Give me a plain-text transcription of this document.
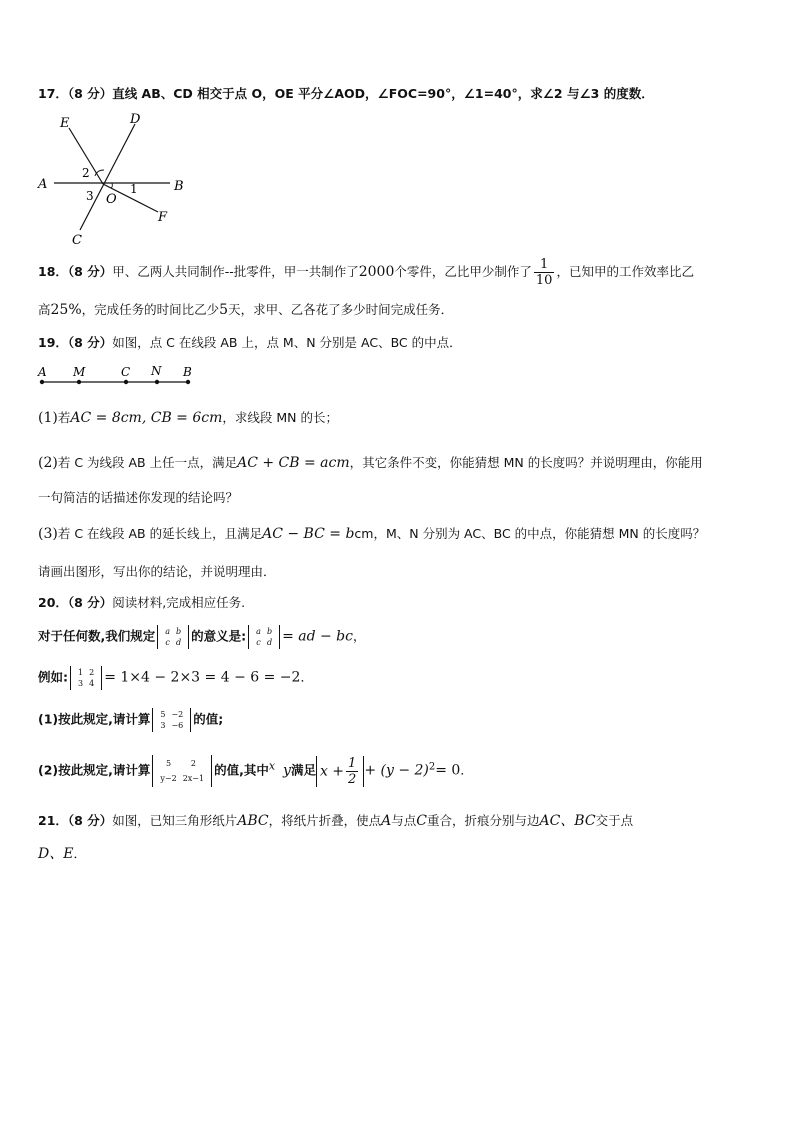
17．（8 分）直线 AB、CD 相交于点 O，OE 平分∠AOD，∠FOC=90°，∠1=40°，求∠2 与∠3 的度数．
E	D
A	B
O
F
C
1
2
3
18．（8 分）甲、乙两人共同制作--批零件，甲一共制作了2000个零件，乙比甲少制作了 $\frac{1}{10}$ ，已知甲的工作效率比乙
高25%，完成任务的时间比乙少5天，求甲、乙各花了多少时间完成任务．
19．（8 分）如图，点 C 在线段 AB 上，点 M、N 分别是 AC、BC 的中点．
A M	C N B
(1)若AC = 8cm, CB = 6cm，求线段 MN 的长；
(2)若 C 为线段 AB 上任一点，满足AC + CB = acm，其它条件不变，你能猜想 MN 的长度吗？并说明理由，你能用
一句简洁的话描述你发现的结论吗？
(3)若 C 在线段 AB 的延长线上，且满足AC − BC = bcm，M、N 分别为 AC、BC 的中点，你能猜想 MN 的长度吗？
请画出图形，写出你的结论，并说明理由．
20．（8 分）阅读材料,完成相应任务.
对于任何数,我们规定 a	b
c	d 的意义是: a	b
c	d = ad − bc，
例如: 1	2
3	4 = 1×4 − 2×3 = 4 − 6 = −2．
(1)按此规定,请计算 5	−2
3	−6 的值;
(2)按此规定,请计算 5	2
y−2	2x−1
的值,其中x y满足 $x + \frac{1}{2} + (y - 2)^2= 0$．
21．（8 分）如图，已知三角形纸片ABC，将纸片折叠，使点A与点C重合，折痕分别与边AC、BC交于点
D、E．
